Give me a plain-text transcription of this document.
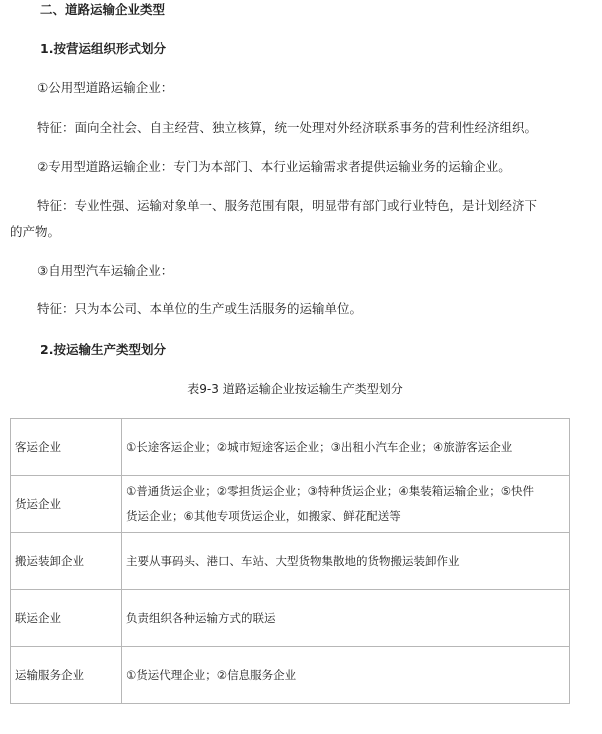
二、道路运输企业类型
1.按营运组织形式划分
①公用型道路运输企业：
特征：面向全社会、自主经营、独立核算，统一处理对外经济联系事务的营利性经济组织。
②专用型道路运输企业：专门为本部门、本行业运输需求者提供运输业务的运输企业。
特征：专业性强、运输对象单一、服务范围有限，明显带有部门或行业特色，是计划经济下
的产物。
③自用型汽车运输企业：
特征：只为本公司、本单位的生产或生活服务的运输单位。
2.按运输生产类型划分
表9-3 道路运输企业按运输生产类型划分
客运企业	①长途客运企业；②城市短途客运企业；③出租小汽车企业；④旅游客运企业

货运企业	①普通货运企业；②零担货运企业；③特种货运企业；④集装箱运输企业；⑤快件
货运企业；⑥其他专项货运企业，如搬家、鲜花配送等

搬运装卸企业	主要从事码头、港口、车站、大型货物集散地的货物搬运装卸作业

联运企业	负责组织各种运输方式的联运

运输服务企业	①货运代理企业；②信息服务企业
